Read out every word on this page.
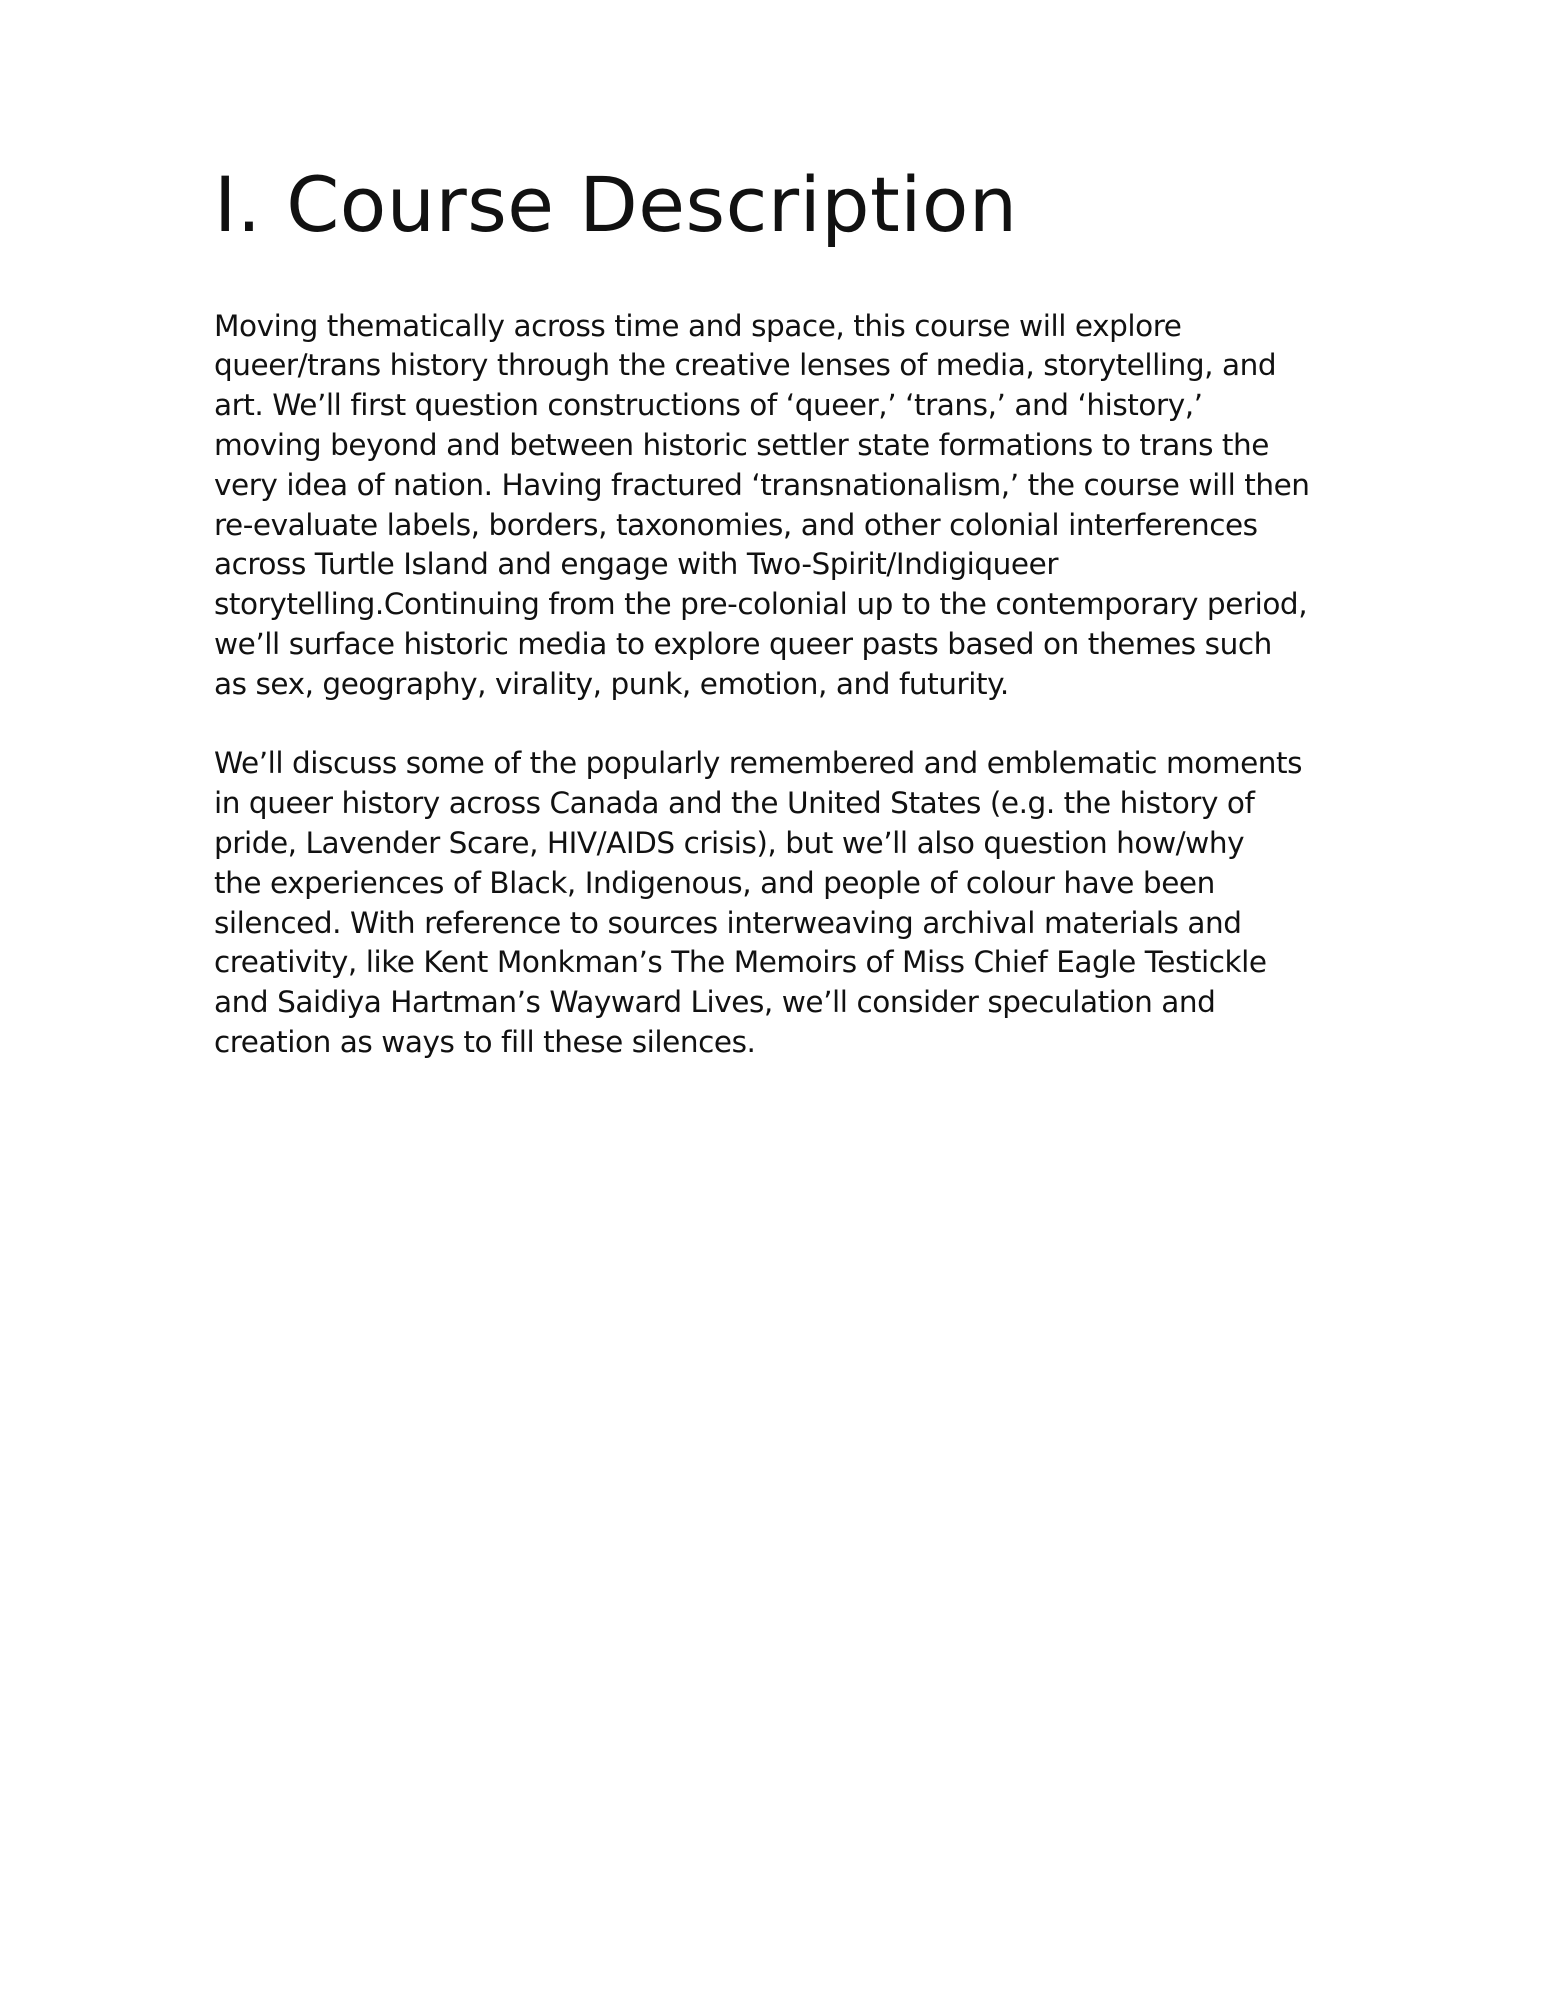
I. Course Description

Moving thematically across time and space, this course will explore
queer/trans history through the creative lenses of media, storytelling, and
art. We’ll first question constructions of ‘queer,’ ‘trans,’ and ‘history,’
moving beyond and between historic settler state formations to trans the
very idea of nation. Having fractured ‘transnationalism,’ the course will then
re-evaluate labels, borders, taxonomies, and other colonial interferences
across Turtle Island and engage with Two-Spirit/Indigiqueer
storytelling.Continuing from the pre-colonial up to the contemporary period,
we’ll surface historic media to explore queer pasts based on themes such
as sex, geography, virality, punk, emotion, and futurity.

We’ll discuss some of the popularly remembered and emblematic moments
in queer history across Canada and the United States (e.g. the history of
pride, Lavender Scare, HIV/AIDS crisis), but we’ll also question how/why
the experiences of Black, Indigenous, and people of colour have been
silenced. With reference to sources interweaving archival materials and
creativity, like Kent Monkman’s The Memoirs of Miss Chief Eagle Testickle
and Saidiya Hartman’s Wayward Lives, we’ll consider speculation and
creation as ways to fill these silences.
